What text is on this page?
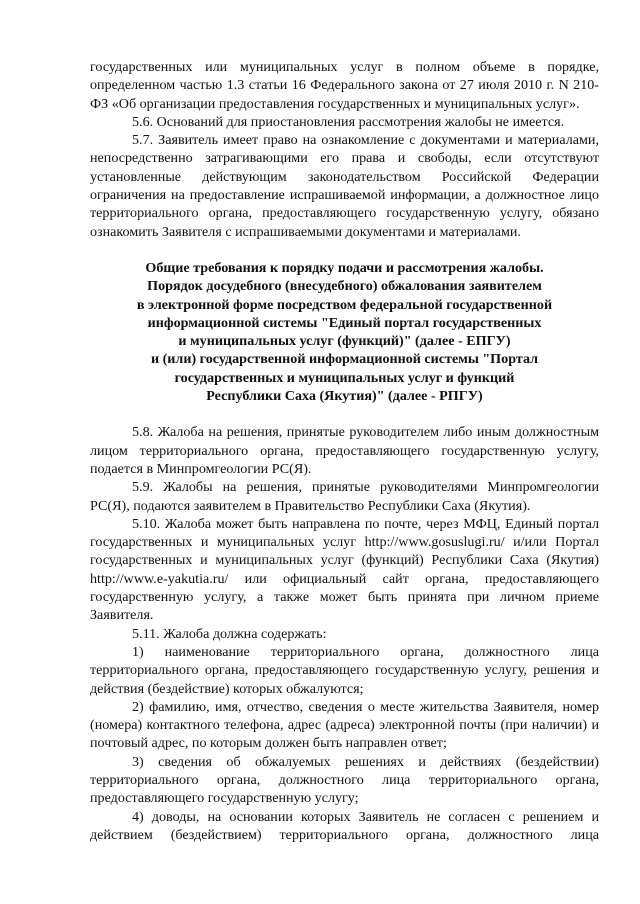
государственных или муниципальных услуг в полном объеме в порядке, определенном частью 1.3 статьи 16 Федерального закона от 27 июля 2010 г. N 210-ФЗ «Об организации предоставления государственных и муниципальных услуг».

5.6. Оснований для приостановления рассмотрения жалобы не имеется.

5.7. Заявитель имеет право на ознакомление с документами и материалами, непосредственно затрагивающими его права и свободы, если отсутствуют установленные действующим законодательством Российской Федерации ограничения на предоставление испрашиваемой информации, а должностное лицо территориального органа, предоставляющего государственную услугу, обязано ознакомить Заявителя с испрашиваемыми документами и материалами.

Общие требования к порядку подачи и рассмотрения жалобы.
Порядок досудебного (внесудебного) обжалования заявителем
в электронной форме посредством федеральной государственной
информационной системы "Единый портал государственных
и муниципальных услуг (функций)" (далее - ЕПГУ)
и (или) государственной информационной системы "Портал
государственных и муниципальных услуг и функций
Республики Саха (Якутия)" (далее - РПГУ)

5.8. Жалоба на решения, принятые руководителем либо иным должностным лицом территориального органа, предоставляющего государственную услугу, подается в Минпромгеологии РС(Я).

5.9. Жалобы на решения, принятые руководителями Минпромгеологии РС(Я), подаются заявителем в Правительство Республики Саха (Якутия).

5.10. Жалоба может быть направлена по почте, через МФЦ, Единый портал государственных и муниципальных услуг http://www.gosuslugi.ru/ и/или Портал государственных и муниципальных услуг (функций) Республики Саха (Якутия) http://www.e-yakutia.ru/ или официальный сайт органа, предоставляющего государственную услугу, а также может быть принята при личном приеме Заявителя.

5.11. Жалоба должна содержать:

1) наименование территориального органа, должностного лица территориального органа, предоставляющего государственную услугу, решения и действия (бездействие) которых обжалуются;

2) фамилию, имя, отчество, сведения о месте жительства Заявителя, номер (номера) контактного телефона, адрес (адреса) электронной почты (при наличии) и почтовый адрес, по которым должен быть направлен ответ;

3) сведения об обжалуемых решениях и действиях (бездействии) территориального органа, должностного лица территориального органа, предоставляющего государственную услугу;

4) доводы, на основании которых Заявитель не согласен с решением и действием (бездействием) территориального органа, должностного лица
